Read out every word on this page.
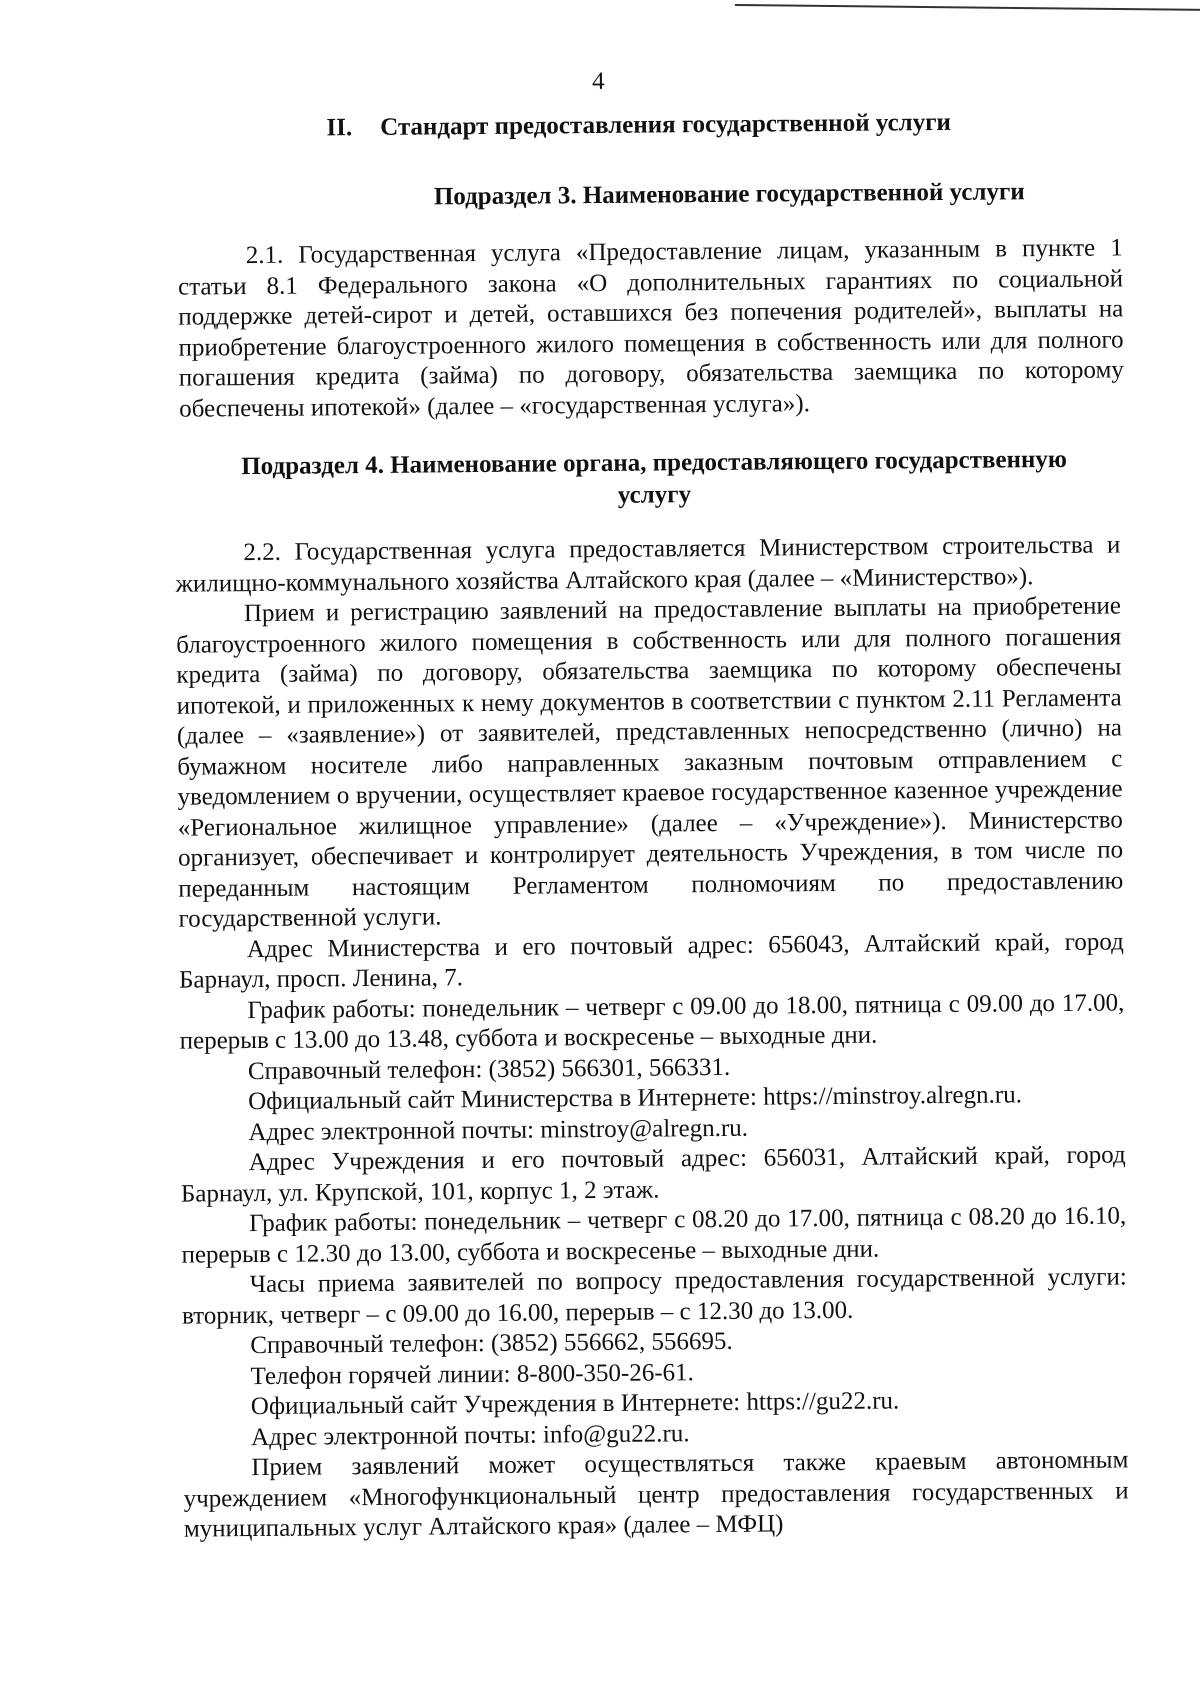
4
II. Стандарт предоставления государственной услуги
Подраздел 3. Наименование государственной услуги

2.1. Государственная услуга «Предоставление лицам, указанным в пункте 1 статьи 8.1 Федерального закона «О дополнительных гарантиях по социальной поддержке детей-сирот и детей, оставшихся без попечения родителей», выплаты на приобретение благоустроенного жилого помещения в собственность или для полного погашения кредита (займа) по договору, обязательства заемщика по которому обеспечены ипотекой» (далее – «государственная услуга»).

Подраздел 4. Наименование органа, предоставляющего государственную услугу

2.2. Государственная услуга предоставляется Министерством строительства и жилищно-коммунального хозяйства Алтайского края (далее – «Министерство»).

Прием и регистрацию заявлений на предоставление выплаты на приобретение благоустроенного жилого помещения в собственность или для полного погашения кредита (займа) по договору, обязательства заемщика по которому обеспечены ипотекой, и приложенных к нему документов в соответствии с пунктом 2.11 Регламента (далее – «заявление») от заявителей, представленных непосредственно (лично) на бумажном носителе либо направленных заказным почтовым отправлением с уведомлением о вручении, осуществляет краевое государственное казенное учреждение «Региональное жилищное управление» (далее – «Учреждение»). Министерство организует, обеспечивает и контролирует деятельность Учреждения, в том числе по переданным настоящим Регламентом полномочиям по предоставлению государственной услуги.

Адрес Министерства и его почтовый адрес: 656043, Алтайский край, город Барнаул, просп. Ленина, 7.

График работы: понедельник – четверг с 09.00 до 18.00, пятница с 09.00 до 17.00, перерыв с 13.00 до 13.48, суббота и воскресенье – выходные дни.

Справочный телефон: (3852) 566301, 566331.

Официальный сайт Министерства в Интернете: https://minstroy.alregn.ru.

Адрес электронной почты: minstroy@alregn.ru.

Адрес Учреждения и его почтовый адрес: 656031, Алтайский край, город Барнаул, ул. Крупской, 101, корпус 1, 2 этаж.

График работы: понедельник – четверг с 08.20 до 17.00, пятница с 08.20 до 16.10, перерыв с 12.30 до 13.00, суббота и воскресенье – выходные дни.

Часы приема заявителей по вопросу предоставления государственной услуги: вторник, четверг – с 09.00 до 16.00, перерыв – с 12.30 до 13.00.

Справочный телефон: (3852) 556662, 556695.

Телефон горячей линии: 8-800-350-26-61.

Официальный сайт Учреждения в Интернете: https://gu22.ru.

Адрес электронной почты: info@gu22.ru.

Прием заявлений может осуществляться также краевым автономным учреждением «Многофункциональный центр предоставления государственных и муниципальных услуг Алтайского края» (далее – МФЦ)
